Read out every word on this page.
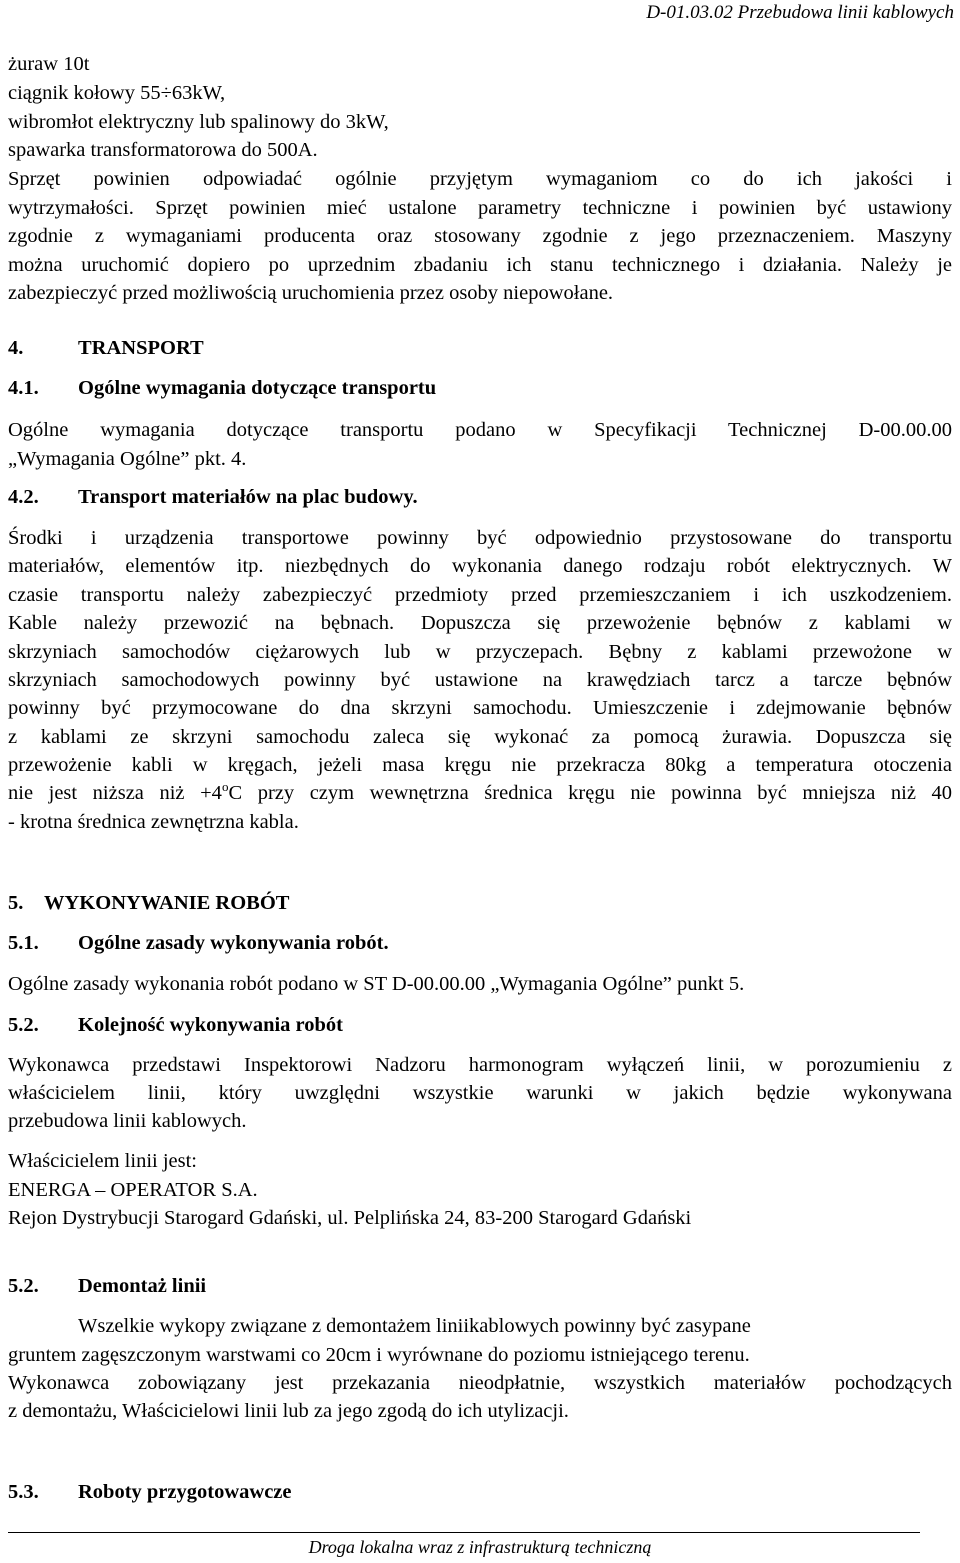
D-01.03.02 Przebudowa linii kablowych
żuraw 10t
ciągnik kołowy 55÷63kW,
wibromłot elektryczny lub spalinowy do 3kW,
spawarka transformatorowa do 500A.
Sprzęt powinien odpowiadać ogólnie przyjętym wymaganiom co do ich jakości i
wytrzymałości. Sprzęt powinien mieć ustalone parametry techniczne i powinien być ustawiony
zgodnie z wymaganiami producenta oraz stosowany zgodnie z jego przeznaczeniem. Maszyny
można uruchomić dopiero po uprzednim zbadaniu ich stanu technicznego i działania. Należy je
zabezpieczyć przed możliwością uruchomienia przez osoby niepowołane.
4.	TRANSPORT
4.1. Ogólne wymagania dotyczące transportu
Ogólne wymagania dotyczące transportu podano w Specyfikacji Technicznej D-00.00.00
„Wymagania Ogólne” pkt. 4.
4.2. Transport materiałów na plac budowy.
Środki i urządzenia transportowe powinny być odpowiednio przystosowane do transportu
materiałów, elementów itp. niezbędnych do wykonania danego rodzaju robót elektrycznych. W
czasie transportu należy zabezpieczyć przedmioty przed przemieszczaniem i ich uszkodzeniem.
Kable należy przewozić na bębnach. Dopuszcza się przewożenie bębnów z kablami w
skrzyniach samochodów ciężarowych lub w przyczepach. Bębny z kablami przewożone w
skrzyniach samochodowych powinny być ustawione na krawędziach tarcz a tarcze bębnów
powinny być przymocowane do dna skrzyni samochodu. Umieszczenie i zdejmowanie bębnów
z kablami ze skrzyni samochodu zaleca się wykonać za pomocą żurawia. Dopuszcza się
przewożenie kabli w kręgach, jeżeli masa kręgu nie przekracza 80kg a temperatura otoczenia
nie jest niższa niż $+4^oC$ przy czym wewnętrzna średnica kręgu nie powinna być mniejsza niż 40
- krotna średnica zewnętrzna kabla.
5. WYKONYWANIE ROBÓT
5.1. Ogólne zasady wykonywania robót.
Ogólne zasady wykonania robót podano w ST D-00.00.00 „Wymagania Ogólne” punkt 5.
5.2. Kolejność wykonywania robót
Wykonawca przedstawi Inspektorowi Nadzoru harmonogram wyłączeń linii, w porozumieniu z
właścicielem linii, który uwzględni wszystkie warunki w jakich będzie wykonywana
przebudowa linii kablowych.
Właścicielem linii jest:
ENERGA – OPERATOR S.A.
Rejon Dystrybucji Starogard Gdański, ul. Pelplińska 24, 83-200 Starogard Gdański
5.2. Demontaż linii
Wszelkie wykopy związane z demontażem liniikablowych powinny być zasypane
gruntem zagęszczonym warstwami co 20cm i wyrównane do poziomu istniejącego terenu.
Wykonawca zobowiązany jest przekazania nieodpłatnie, wszystkich materiałów pochodzących
z demontażu, Właścicielowi linii lub za jego zgodą do ich utylizacji.
5.3. Roboty przygotowawcze
Droga lokalna wraz z infrastrukturą techniczną
